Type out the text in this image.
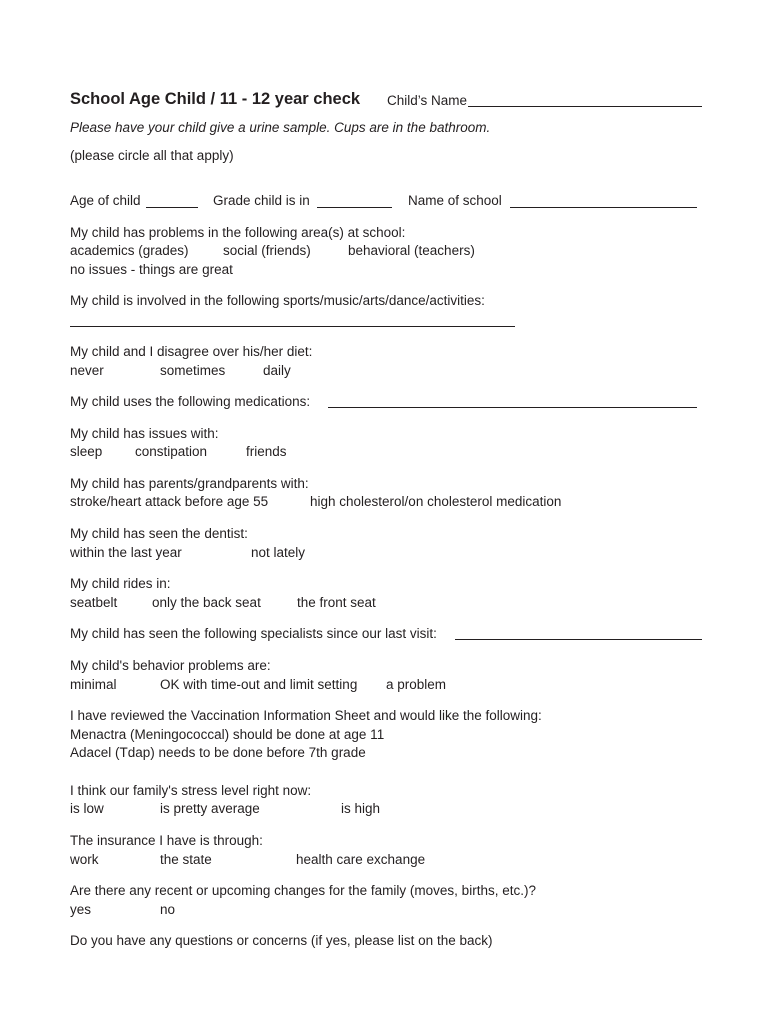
School Age Child / 11 - 12 year check Child’s Name
Please have your child give a urine sample. Cups are in the bathroom.
(please circle all that apply)
Age of child	Grade child is in	Name of school
My child has problems in the following area(s) at school:
academics (grades)	social (friends)	behavioral (teachers)
no issues - things are great
My child is involved in the following sports/music/arts/dance/activities:
My child and I disagree over his/her diet:
never	sometimes	daily
My child uses the following medications:
My child has issues with:
sleep constipation	friends
My child has parents/grandparents with:
stroke/heart attack before age 55	high cholesterol/on cholesterol medication
My child has seen the dentist:
within the last year	not lately
My child rides in:
seatbelt	only the back seat	the front seat
My child has seen the following specialists since our last visit:
My child's behavior problems are:
minimal	OK with time-out and limit setting a problem
I have reviewed the Vaccination Information Sheet and would like the following:
Menactra (Meningococcal) should be done at age 11
Adacel (Tdap) needs to be done before 7th grade
I think our family's stress level right now:
is low	is pretty average	is high
The insurance I have is through:
work	the state	health care exchange
Are there any recent or upcoming changes for the family (moves, births, etc.)?
yes	no
Do you have any questions or concerns (if yes, please list on the back)
